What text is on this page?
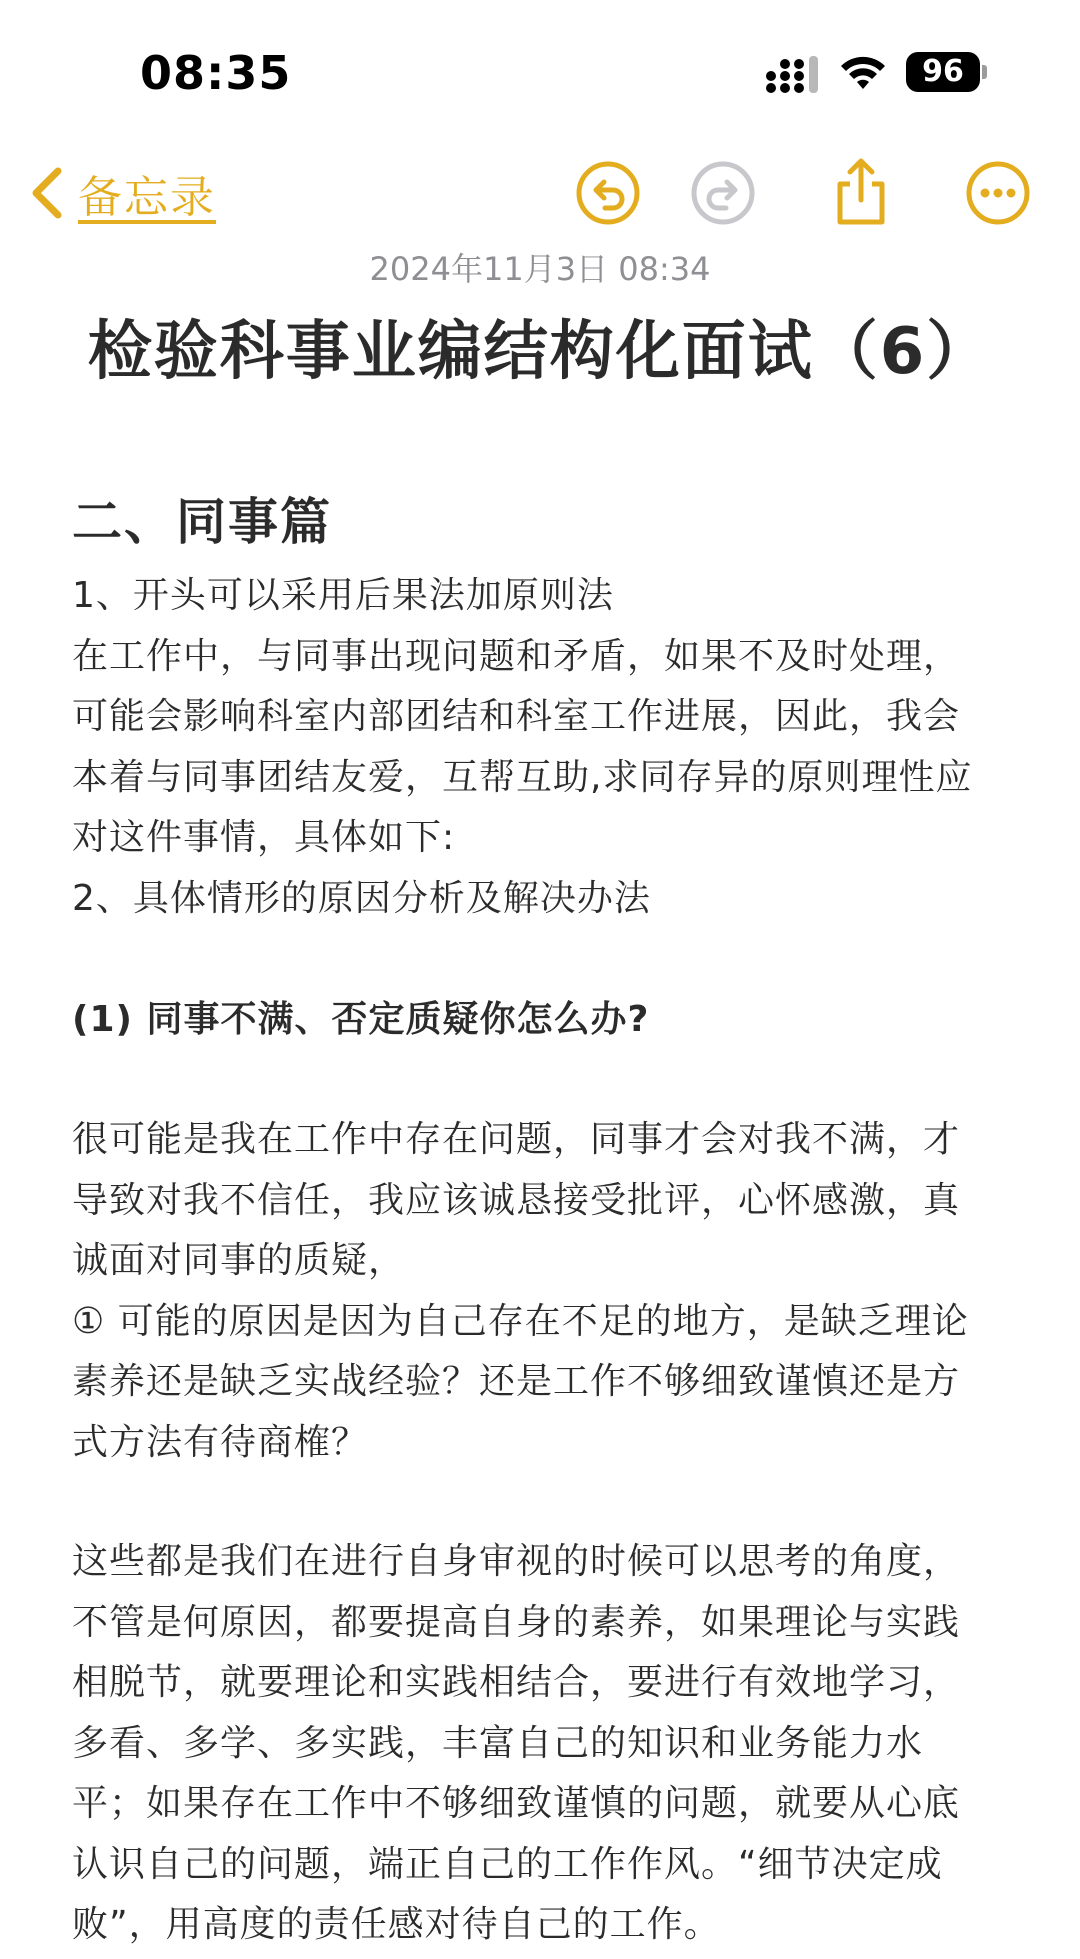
08:35	96
备忘录
2024年11月3日 08:34
检验科事业编结构化面试（6）
二、同事篇

1、开头可以采用后果法加原则法

在工作中，与同事出现问题和矛盾，如果不及时处理，

可能会影响科室内部团结和科室工作进展，因此，我会

本着与同事团结友爱，互帮互助,求同存异的原则理性应

对这件事情，具体如下:

2、具体情形的原因分析及解决办法

(1) 同事不满、否定质疑你怎么办?

很可能是我在工作中存在问题，同事才会对我不满，才

导致对我不信任，我应该诚恳接受批评，心怀感激，真

诚面对同事的质疑，

① 可能的原因是因为自己存在不足的地方，是缺乏理论

素养还是缺乏实战经验？还是工作不够细致谨慎还是方

式方法有待商榷？

这些都是我们在进行自身审视的时候可以思考的角度，

不管是何原因，都要提高自身的素养，如果理论与实践

相脱节，就要理论和实践相结合，要进行有效地学习，

多看、多学、多实践，丰富自己的知识和业务能力水

平；如果存在工作中不够细致谨慎的问题，就要从心底

认识自己的问题，端正自己的工作作风。“细节决定成

败”，用高度的责任感对待自己的工作。
